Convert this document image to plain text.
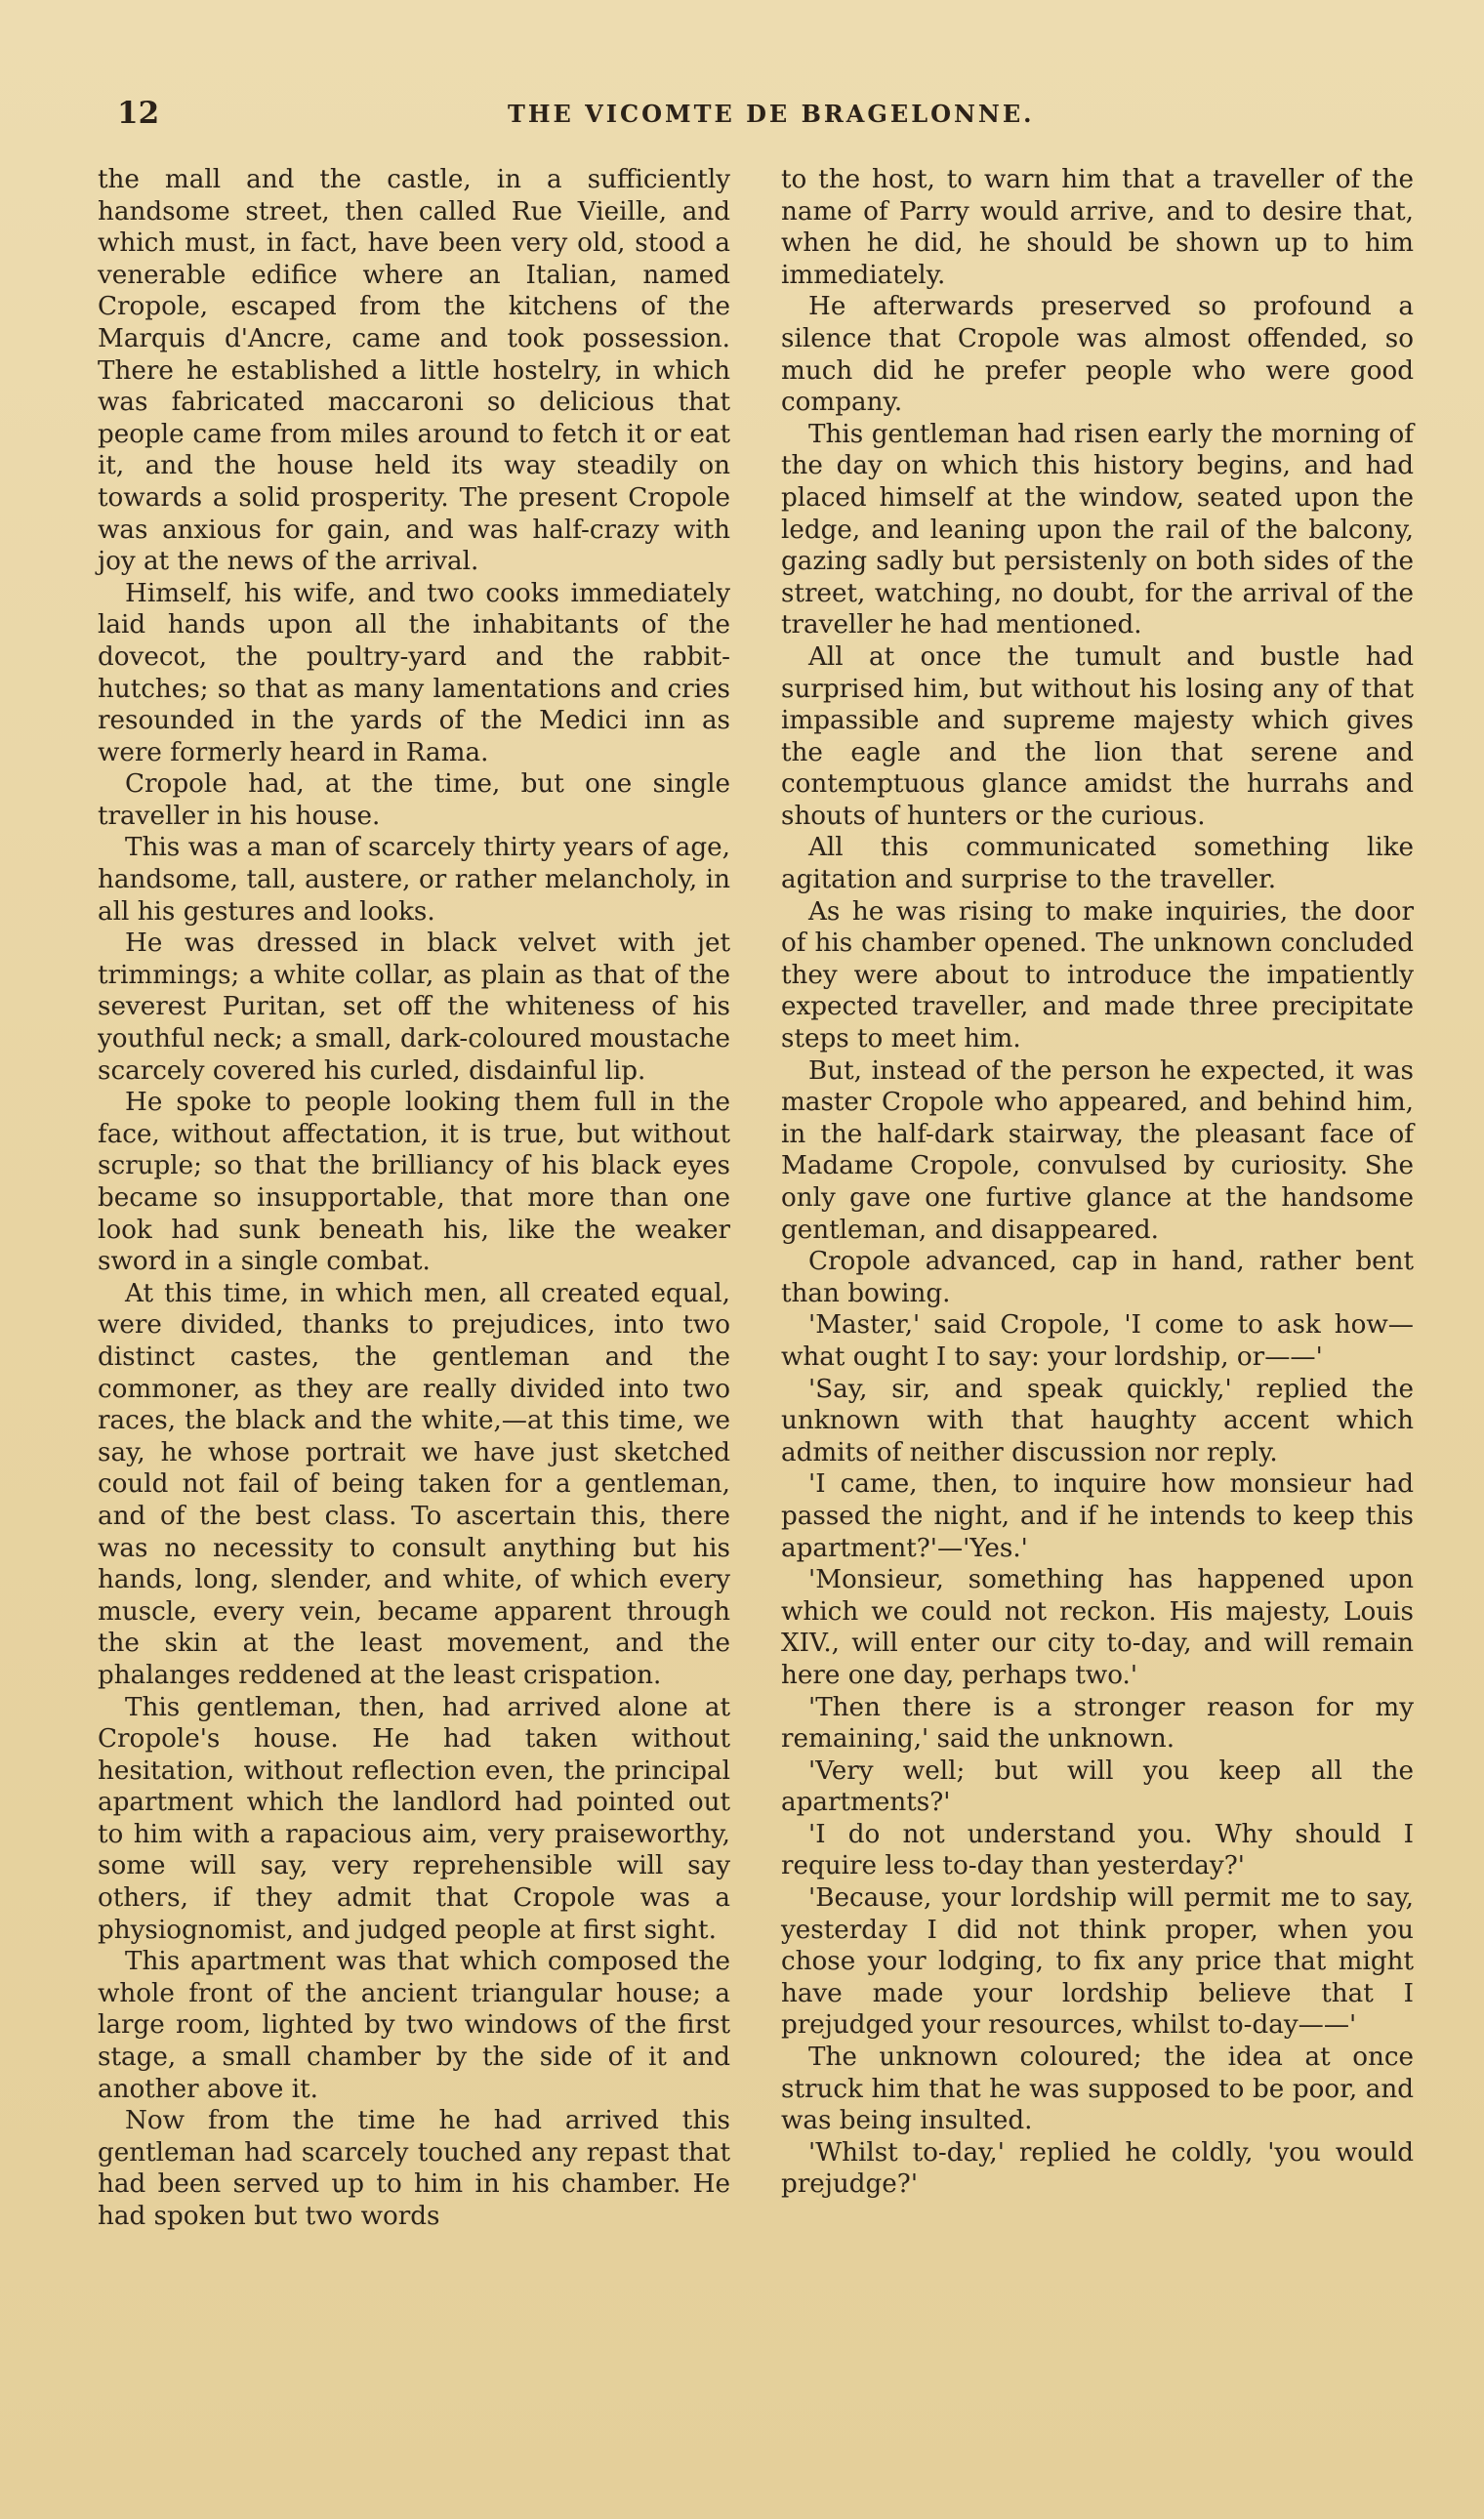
12	THE VICOMTE DE BRAGELONNE.

the mall and the castle, in a sufficiently handsome street, then called Rue Vieille, and which must, in fact, have been very old, stood a venerable edifice where an Italian, named Cropole, escaped from the kitchens of the Marquis d'Ancre, came and took possession. There he established a little hostelry, in which was fabricated maccaroni so delicious that people came from miles around to fetch it or eat it, and the house held its way steadily on towards a solid prosperity. The present Cropole was anxious for gain, and was half-crazy with joy at the news of the arrival.

Himself, his wife, and two cooks immediately laid hands upon all the inhabitants of the dovecot, the poultry-yard and the rabbit-hutches; so that as many lamentations and cries resounded in the yards of the Medici inn as were formerly heard in Rama.

Cropole had, at the time, but one single traveller in his house.

This was a man of scarcely thirty years of age, handsome, tall, austere, or rather melancholy, in all his gestures and looks.

He was dressed in black velvet with jet trimmings; a white collar, as plain as that of the severest Puritan, set off the whiteness of his youthful neck; a small, dark-coloured moustache scarcely covered his curled, disdainful lip.

He spoke to people looking them full in the face, without affectation, it is true, but without scruple; so that the brilliancy of his black eyes became so insupportable, that more than one look had sunk beneath his, like the weaker sword in a single combat.

At this time, in which men, all created equal, were divided, thanks to prejudices, into two distinct castes, the gentleman and the commoner, as they are really divided into two races, the black and the white,—at this time, we say, he whose portrait we have just sketched could not fail of being taken for a gentleman, and of the best class. To ascertain this, there was no necessity to consult anything but his hands, long, slender, and white, of which every muscle, every vein, became apparent through the skin at the least movement, and the phalanges reddened at the least crispation.

This gentleman, then, had arrived alone at Cropole's house. He had taken without hesitation, without reflection even, the principal apartment which the landlord had pointed out to him with a rapacious aim, very praiseworthy, some will say, very reprehensible will say others, if they admit that Cropole was a physiognomist, and judged people at first sight.

This apartment was that which composed the whole front of the ancient triangular house; a large room, lighted by two windows of the first stage, a small chamber by the side of it and another above it.

Now from the time he had arrived this gentleman had scarcely touched any repast that had been served up to him in his chamber. He had spoken but two words

to the host, to warn him that a traveller of the name of Parry would arrive, and to desire that, when he did, he should be shown up to him immediately.

He afterwards preserved so profound a silence that Cropole was almost offended, so much did he prefer people who were good company.

This gentleman had risen early the morning of the day on which this history begins, and had placed himself at the window, seated upon the ledge, and leaning upon the rail of the balcony, gazing sadly but persistenly on both sides of the street, watching, no doubt, for the arrival of the traveller he had mentioned.

All at once the tumult and bustle had surprised him, but without his losing any of that impassible and supreme majesty which gives the eagle and the lion that serene and contemptuous glance amidst the hurrahs and shouts of hunters or the curious.

All this communicated something like agitation and surprise to the traveller.

As he was rising to make inquiries, the door of his chamber opened. The unknown concluded they were about to introduce the impatiently expected traveller, and made three precipitate steps to meet him.

But, instead of the person he expected, it was master Cropole who appeared, and behind him, in the half-dark stairway, the pleasant face of Madame Cropole, convulsed by curiosity. She only gave one furtive glance at the handsome gentleman, and disappeared.

Cropole advanced, cap in hand, rather bent than bowing.

'Master,' said Cropole, 'I come to ask how—what ought I to say: your lordship, or——'

'Say, sir, and speak quickly,' replied the unknown with that haughty accent which admits of neither discussion nor reply.

'I came, then, to inquire how monsieur had passed the night, and if he intends to keep this apartment?'—'Yes.'

'Monsieur, something has happened upon which we could not reckon. His majesty, Louis XIV., will enter our city to-day, and will remain here one day, perhaps two.'

'Then there is a stronger reason for my remaining,' said the unknown.

'Very well; but will you keep all the apartments?'

'I do not understand you. Why should I require less to-day than yesterday?'

'Because, your lordship will permit me to say, yesterday I did not think proper, when you chose your lodging, to fix any price that might have made your lordship believe that I prejudged your resources, whilst to-day——'

The unknown coloured; the idea at once struck him that he was supposed to be poor, and was being insulted.

'Whilst to-day,' replied he coldly, 'you would prejudge?'
